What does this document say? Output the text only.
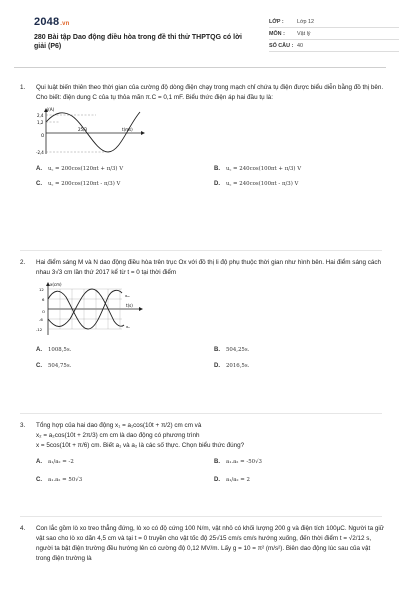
2048.vn
280 Bài tập Dao động điều hòa trong đề thi thử THPTQG có lời giải (P6)
LỚP :	Lớp 12
MÔN :	Vật lý
SỐ CÂU : 40
1.	Qui luật biến thiên theo thời gian của cường độ dòng điện chạy trong mạch chỉ chứa tụ điện được biểu diễn bằng đồ thị bên. Cho biết: điện dung C của tụ thỏa mãn π.C = 0,1 mF. Biểu thức điện áp hai đầu tụ là:
i(A)
2,4
1,2
O
-2,4
25/3	t(ms)
A.	u꜀ = 200cos(120πt + π/3) V	B.	u꜀ = 240cos(100πt + π/3) V
C.	u꜀ = 200cos(120πt - π/3) V	D.	u꜀ = 240cos(100πt - π/3) V
2.	Hai điểm sáng M và N dao động điều hòa trên trục Ox với đồ thị li độ phụ thuộc thời gian như hình bên. Hai điểm sáng cách nhau 3√3 cm lần thứ 2017 kể từ t = 0 tại thời điểm
x(cm)
12
6
O
-6
-12
t(s)
xₘ
xₙ
A.	1008,5s.	B.	504,25s.
C.	504,75s.	D.	2016,5s.
3.	Tổng hợp của hai dao động x₁ = a₁cos(10t + π/2) cm cm và
x₂ = a₂cos(10t + 2π/3) cm cm là dao động có phương trình
x = 5cos(10t + π/6) cm. Biết a₁ và a₂ là các số thực. Chọn biểu thức đúng?
A.	a₁/a₂ = -2	B.	a₁.a₂ = -50√3
C.	a₁.a₂ = 50√3	D.	a₁/a₂ = 2
4.	Con lắc gồm lò xo treo thẳng đứng, lò xo có độ cứng 100 N/m, vật nhỏ có khối lượng 200 g và điện tích 100µC. Người ta giữ vật sao cho lò xo dãn 4,5 cm và tại t = 0 truyền cho vật tốc độ 25√15 cm/s cm/s hướng xuống, đến thời điểm t = √2/12 s, người ta bật điện trường đều hướng lên có cường độ 0,12 MV/m. Lấy g = 10 = π² (m/s²). Biên dao động lúc sau của vật trong điện trường là
